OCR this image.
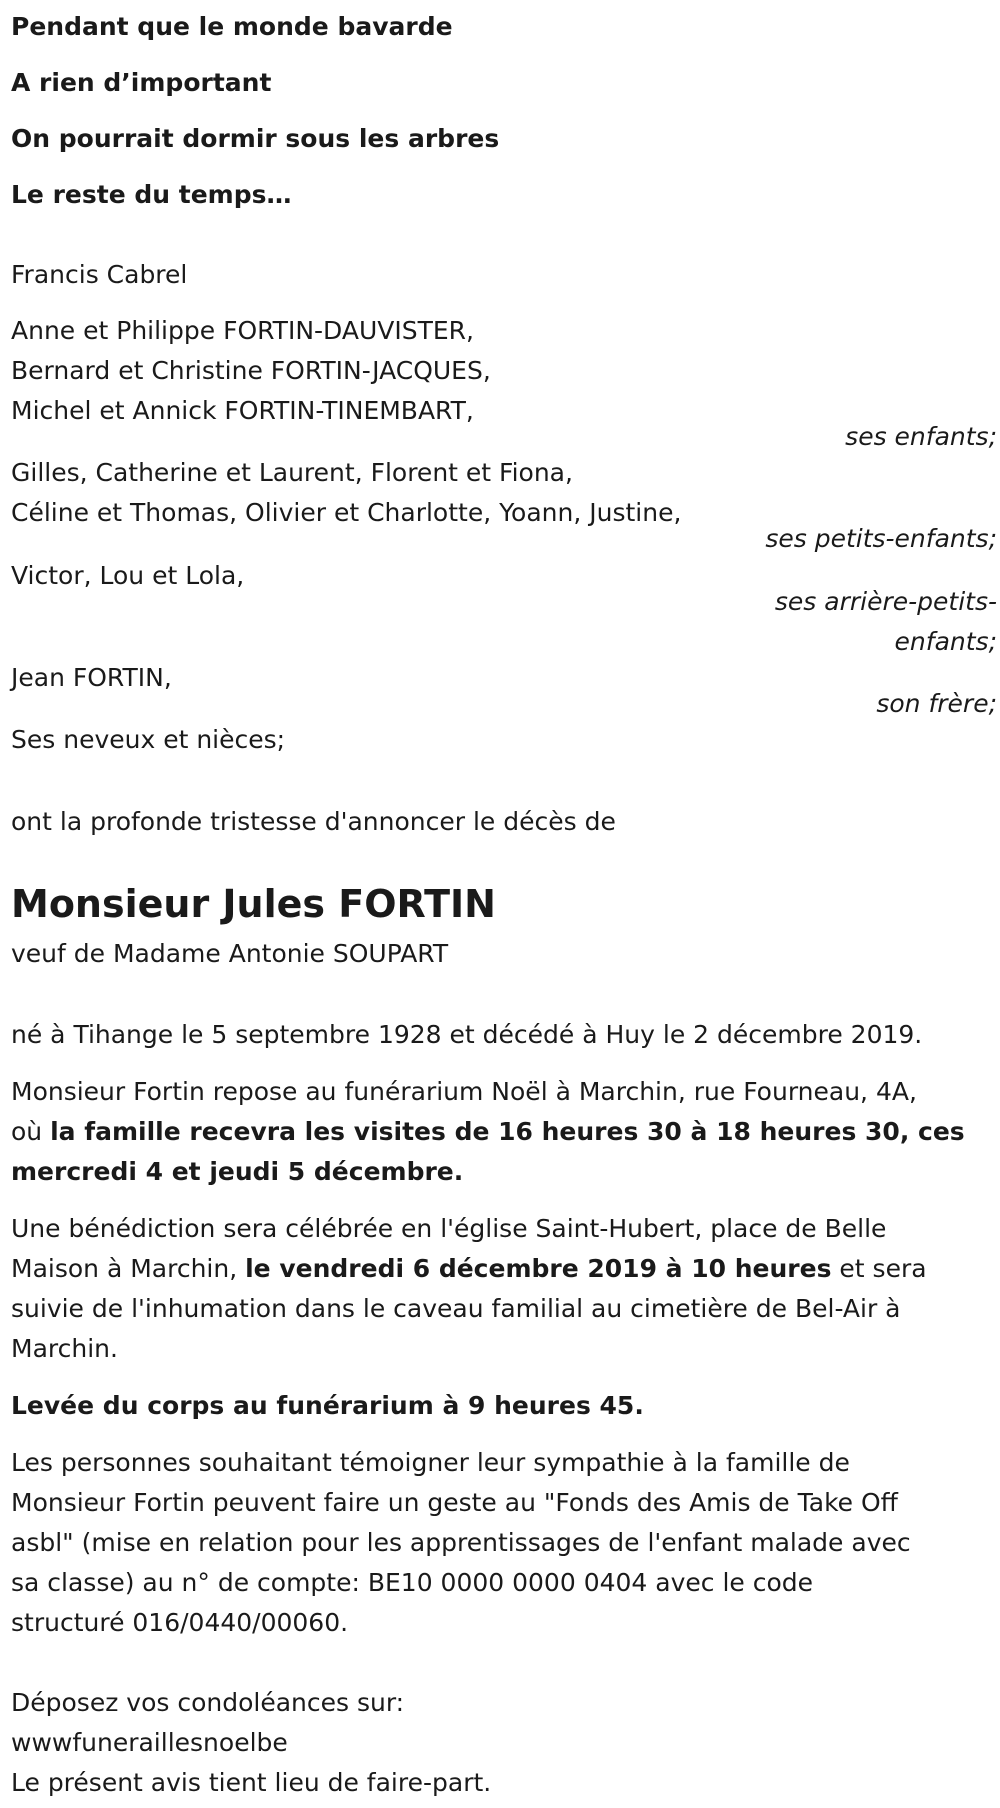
Pendant que le monde bavarde
A rien d’important
On pourrait dormir sous les arbres
Le reste du temps…
Francis Cabrel
Anne et Philippe FORTIN-DAUVISTER,
Bernard et Christine FORTIN-JACQUES,
Michel et Annick FORTIN-TINEMBART,
ses enfants;
Gilles, Catherine et Laurent, Florent et Fiona,
Céline et Thomas, Olivier et Charlotte, Yoann, Justine,
ses petits-enfants;
Victor, Lou et Lola,
ses arrière-petits-
enfants;
Jean FORTIN,
son frère;
Ses neveux et nièces;
ont la profonde tristesse d'annoncer le décès de
Monsieur Jules FORTIN
veuf de Madame Antonie SOUPART
né à Tihange le 5 septembre 1928 et décédé à Huy le 2 décembre 2019.
Monsieur Fortin repose au funérarium Noël à Marchin, rue Fourneau, 4A,
où la famille recevra les visites de 16 heures 30 à 18 heures 30, ces
mercredi 4 et jeudi 5 décembre.
Une bénédiction sera célébrée en l'église Saint-Hubert, place de Belle
Maison à Marchin, le vendredi 6 décembre 2019 à 10 heures et sera
suivie de l'inhumation dans le caveau familial au cimetière de Bel-Air à
Marchin.
Levée du corps au funérarium à 9 heures 45.
Les personnes souhaitant témoigner leur sympathie à la famille de
Monsieur Fortin peuvent faire un geste au "Fonds des Amis de Take Off
asbl" (mise en relation pour les apprentissages de l'enfant malade avec
sa classe) au n° de compte: BE10 0000 0000 0404 avec le code
structuré 016/0440/00060.
Déposez vos condoléances sur:
wwwfuneraillesnoelbe
Le présent avis tient lieu de faire-part.
